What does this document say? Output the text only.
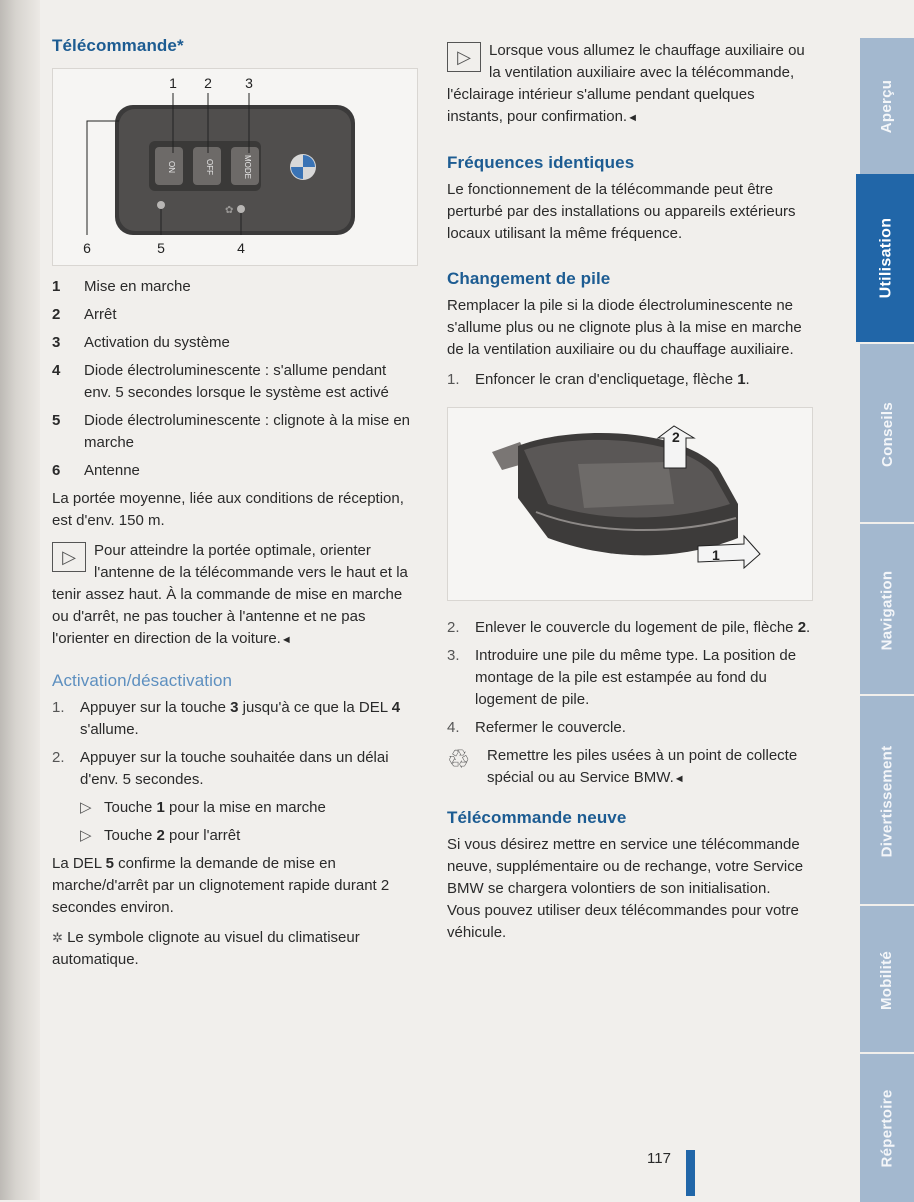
Télécommande*
ON	OFF	MODE
✿
1 2 3
4
5
6
1	Mise en marche
2	Arrêt
3	Activation du système
4	Diode électroluminescente : s'allume pendant env. 5 secondes lorsque le système est activé
5	Diode électroluminescente : clignote à la mise en marche
6	Antenne

La portée moyenne, liée aux conditions de réception, est d'env. 150 m.

▷ Pour atteindre la portée optimale, orienter l'antenne de la télécommande vers le haut et la tenir assez haut. À la commande de mise en marche ou d'arrêt, ne pas toucher à l'antenne et ne pas l'orienter en direction de la voiture.◄

Activation/désactivation
1.	Appuyer sur la touche 3 jusqu'à ce que la DEL 4 s'allume.
2.	Appuyer sur la touche souhaitée dans un délai d'env. 5 secondes.
▷ Touche 1 pour la mise en marche
▷ Touche 2 pour l'arrêt

La DEL 5 confirme la demande de mise en marche/d'arrêt par un clignotement rapide durant 2 secondes environ.

✲ Le symbole clignote au visuel du climatiseur automatique.

▷ Lorsque vous allumez le chauffage auxiliaire ou la ventilation auxiliaire avec la télécommande, l'éclairage intérieur s'allume pendant quelques instants, pour confirmation.◄

Fréquences identiques

Le fonctionnement de la télécommande peut être perturbé par des installations ou appareils extérieurs locaux utilisant la même fréquence.

Changement de pile

Remplacer la pile si la diode électroluminescente ne s'allume plus ou ne clignote plus à la mise en marche de la ventilation auxiliaire ou du chauffage auxiliaire.

1.	Enfoncer le cran d'encliquetage, flèche 1.
2
1
2.	Enlever le couvercle du logement de pile, flèche 2.
3.	Introduire une pile du même type. La position de montage de la pile est estampée au fond du logement de pile.
4.	Refermer le couvercle.
♲	Remettre les piles usées à un point de collecte spécial ou au Service BMW.◄

Télécommande neuve

Si vous désirez mettre en service une télécommande neuve, supplémentaire ou de rechange, votre Service BMW se chargera volontiers de son initialisation.

Vous pouvez utiliser deux télécommandes pour votre véhicule.

Aperçu
Utilisation
Conseils
Navigation
Divertissement
Mobilité
Répertoire
117
